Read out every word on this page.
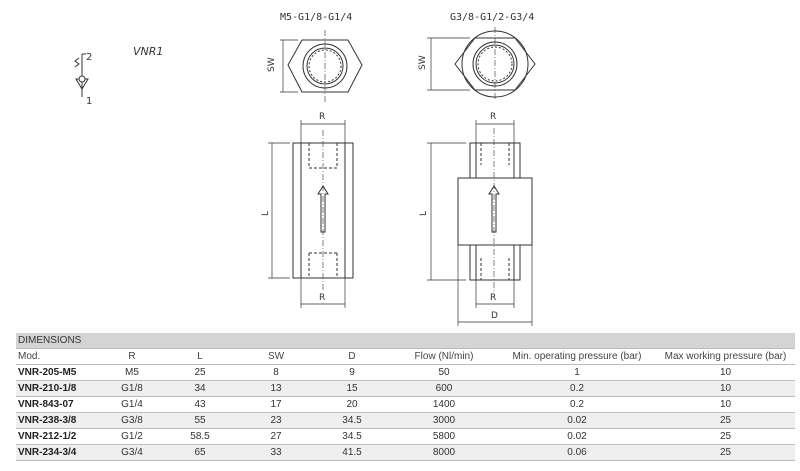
2
1
VNR1
M5-G1/8-G1/4	G3/8-G1/2-G3/4
SW	SW
R
R
L
R
R
D
L
DIMENSIONS							
Mod.	R	L	SW	D	Flow (Nl/min)	Min. operating pressure (bar)	Max working pressure (bar)
VNR-205-M5	M5	25	8	9	50	1	10
VNR-210-1/8	G1/8	34	13	15	600	0.2	10
VNR-843-07	G1/4	43	17	20	1400	0.2	10
VNR-238-3/8	G3/8	55	23	34.5	3000	0.02	25
VNR-212-1/2	G1/2	58.5	27	34.5	5800	0.02	25
VNR-234-3/4	G3/4	65	33	41.5	8000	0.06	25
